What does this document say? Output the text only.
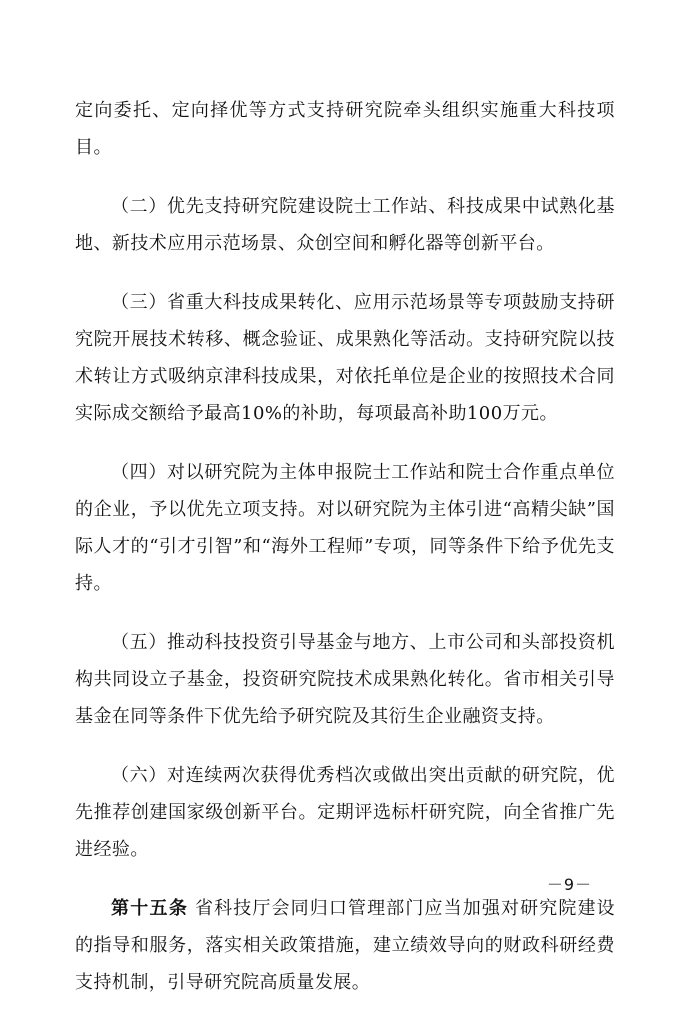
定向委托、定向择优等方式支持研究院牵头组织实施重大科技项目。

（二）优先支持研究院建设院士工作站、科技成果中试熟化基地、新技术应用示范场景、众创空间和孵化器等创新平台。

（三）省重大科技成果转化、应用示范场景等专项鼓励支持研究院开展技术转移、概念验证、成果熟化等活动。支持研究院以技术转让方式吸纳京津科技成果，对依托单位是企业的按照技术合同实际成交额给予最高10%的补助，每项最高补助100万元。

（四）对以研究院为主体申报院士工作站和院士合作重点单位的企业，予以优先立项支持。对以研究院为主体引进“高精尖缺”国际人才的“引才引智”和“海外工程师”专项，同等条件下给予优先支持。

（五）推动科技投资引导基金与地方、上市公司和头部投资机构共同设立子基金，投资研究院技术成果熟化转化。省市相关引导基金在同等条件下优先给予研究院及其衍生企业融资支持。

（六）对连续两次获得优秀档次或做出突出贡献的研究院，优先推荐创建国家级创新平台。定期评选标杆研究院，向全省推广先进经验。

第十五条 省科技厅会同归口管理部门应当加强对研究院建设的指导和服务，落实相关政策措施，建立绩效导向的财政科研经费支持机制，引导研究院高质量发展。

－9－
